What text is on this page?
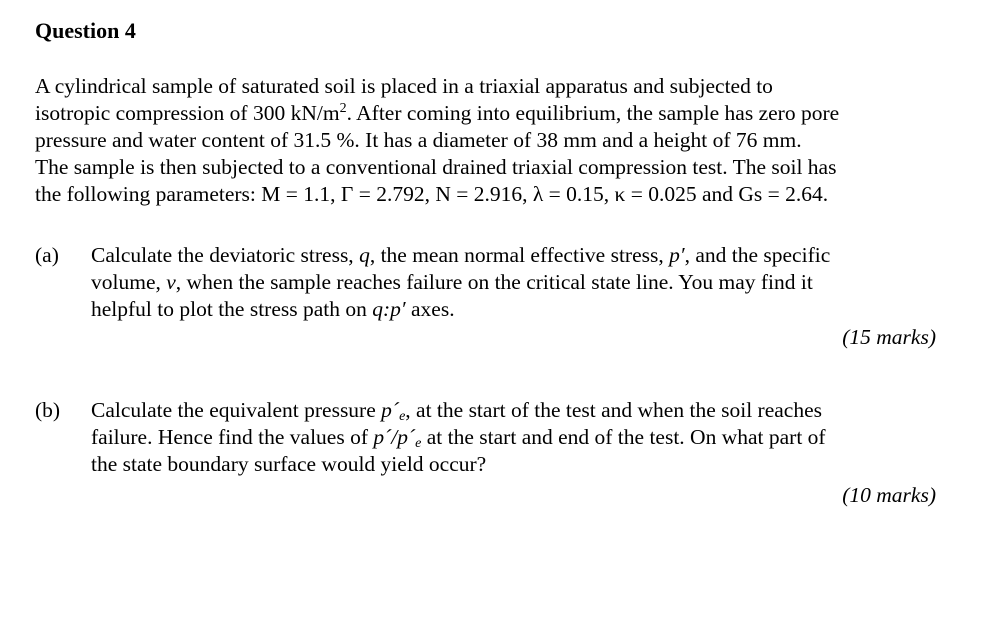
Question 4
A cylindrical sample of saturated soil is placed in a triaxial apparatus and subjected to
isotropic compression of 300 $kN/m^2$. After coming into equilibrium, the sample has zero pore
pressure and water content of 31.5 %. It has a diameter of 38 mm and a height of 76 mm.
The sample is then subjected to a conventional drained triaxial compression test. The soil has
the following parameters: M = 1.1, Γ = 2.792, N = 2.916, λ = 0.15, κ = 0.025 and Gs = 2.64.
(a) Calculate the deviatoric stress, q, the mean normal effective stress, p′, and the specific
volume, v, when the sample reaches failure on the critical state line. You may find it
helpful to plot the stress path on q:p′ axes.
(15 marks)
(b) Calculate the equivalent pressure $p´_e$, at the start of the test and when the soil reaches
failure. Hence find the values of $p´/p´_e$ at the start and end of the test. On what part of
the state boundary surface would yield occur?
(10 marks)
